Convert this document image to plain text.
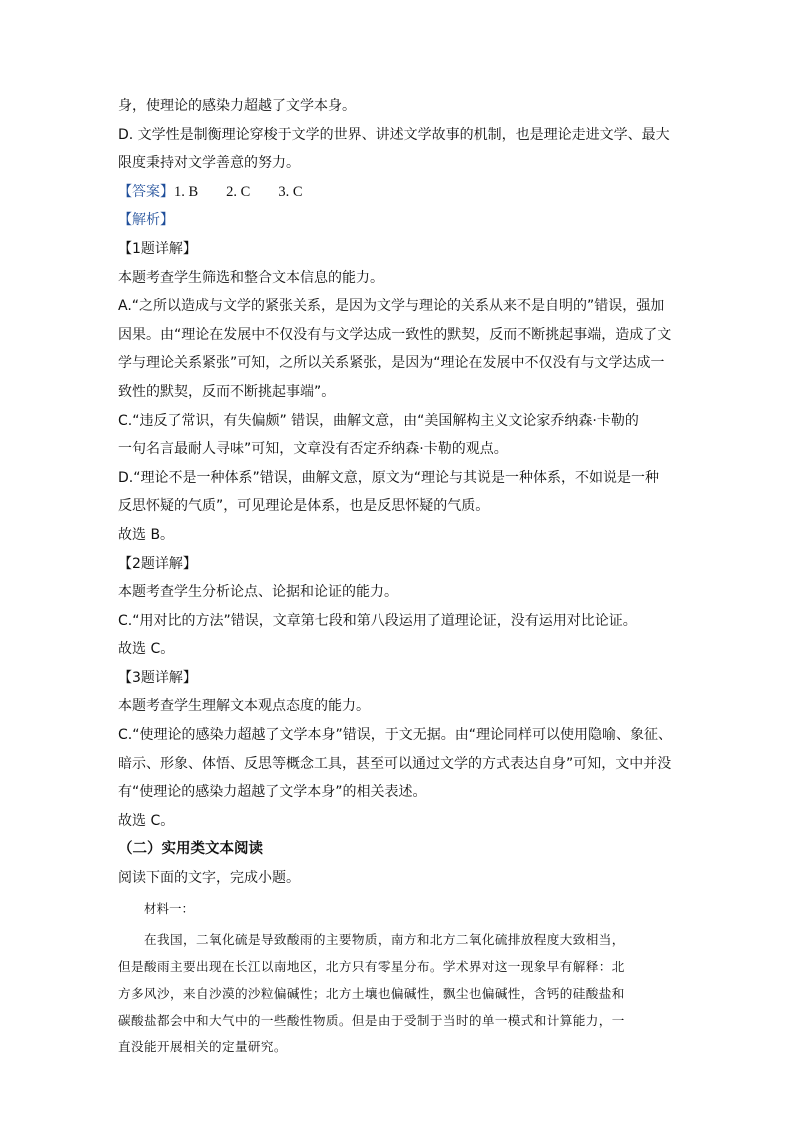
身，使理论的感染力超越了文学本身。
D. 文学性是制衡理论穿梭于文学的世界、讲述文学故事的机制，也是理论走进文学、最大
限度秉持对文学善意的努力。
【答案】1. B 2. C 3. C
【解析】
【1题详解】
本题考查学生筛选和整合文本信息的能力。
A.“之所以造成与文学的紧张关系，是因为文学与理论的关系从来不是自明的”错误，强加
因果。由“理论在发展中不仅没有与文学达成一致性的默契，反而不断挑起事端，造成了文
学与理论关系紧张”可知，之所以关系紧张，是因为“理论在发展中不仅没有与文学达成一
致性的默契，反而不断挑起事端”。
C.“违反了常识，有失偏颇” 错误，曲解文意，由“美国解构主义文论家乔纳森·卡勒的
一句名言最耐人寻味”可知，文章没有否定乔纳森·卡勒的观点。
D.“理论不是一种体系”错误，曲解文意，原文为“理论与其说是一种体系，不如说是一种
反思怀疑的气质”，可见理论是体系，也是反思怀疑的气质。
故选 B。
【2题详解】
本题考查学生分析论点、论据和论证的能力。
C.“用对比的方法”错误，文章第七段和第八段运用了道理论证，没有运用对比论证。
故选 C。
【3题详解】
本题考查学生理解文本观点态度的能力。
C.“使理论的感染力超越了文学本身”错误，于文无据。由“理论同样可以使用隐喻、象征、
暗示、形象、体悟、反思等概念工具，甚至可以通过文学的方式表达自身”可知，文中并没
有“使理论的感染力超越了文学本身”的相关表述。
故选 C。
（二）实用类文本阅读
阅读下面的文字，完成小题。
材料一：
在我国，二氧化硫是导致酸雨的主要物质，南方和北方二氧化硫排放程度大致相当，
但是酸雨主要出现在长江以南地区，北方只有零星分布。学术界对这一现象早有解释：北
方多风沙，来自沙漠的沙粒偏碱性；北方土壤也偏碱性，飘尘也偏碱性，含钙的硅酸盐和
碳酸盐都会中和大气中的一些酸性物质。但是由于受制于当时的单一模式和计算能力，一
直没能开展相关的定量研究。
